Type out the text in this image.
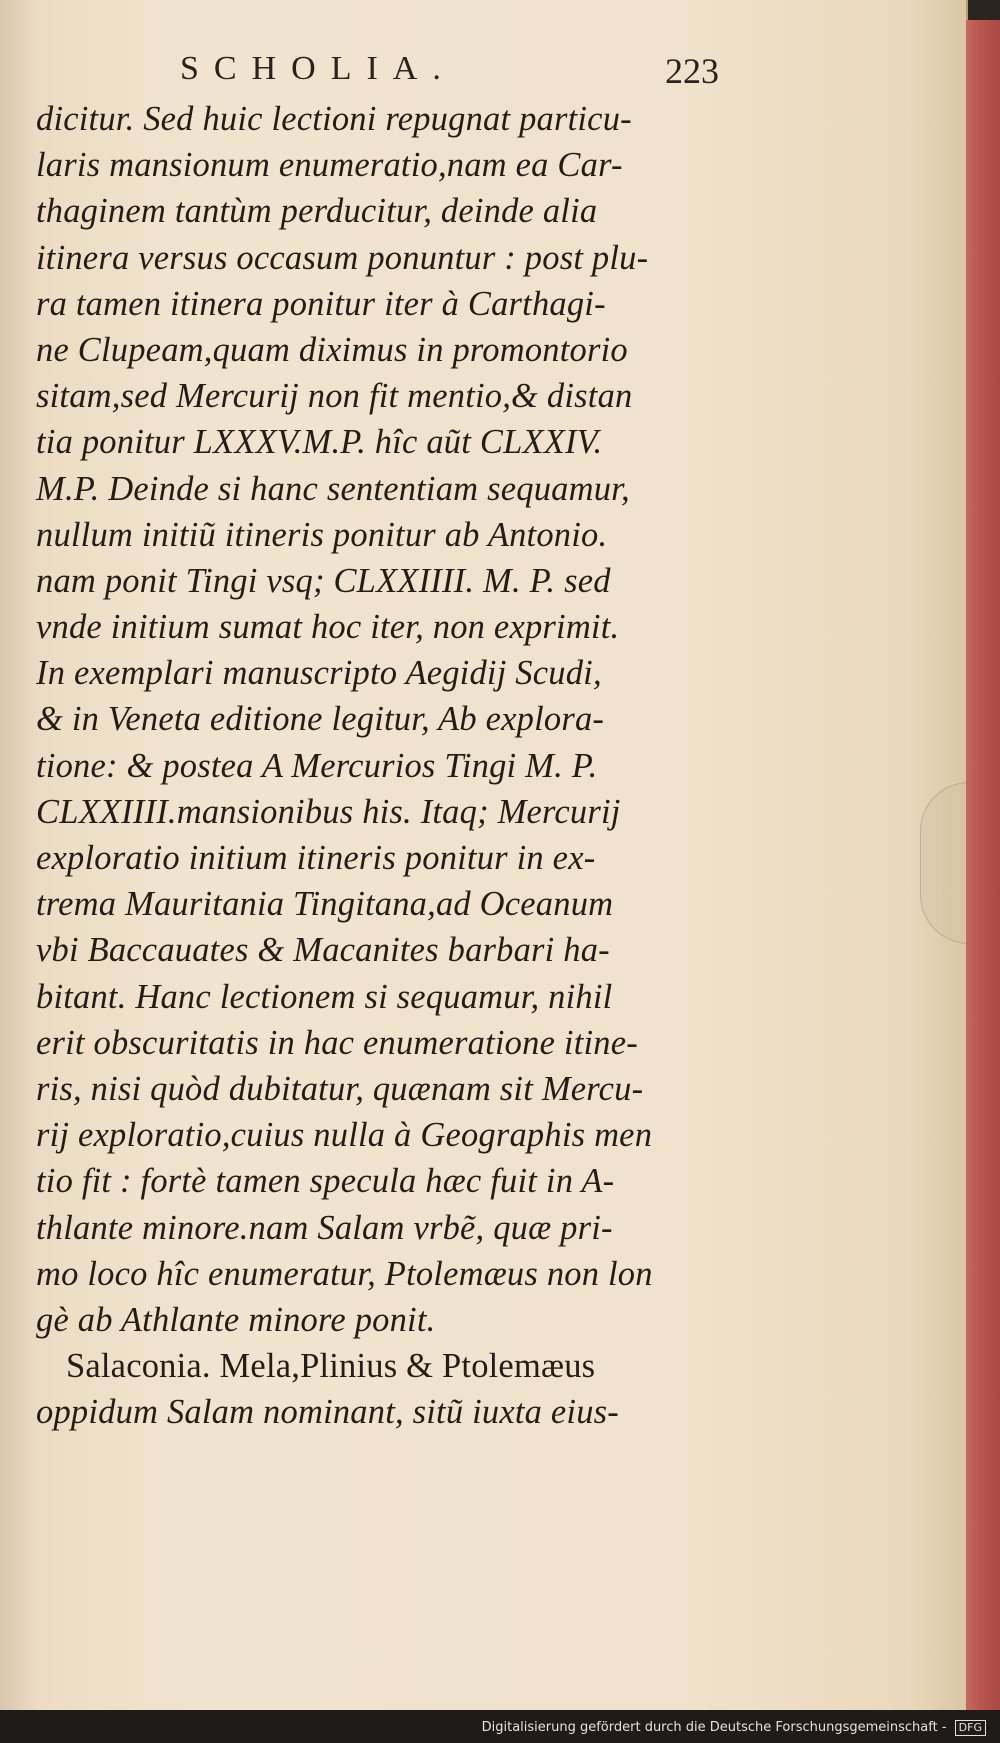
SCHOLIA.	223
dicitur. Sed huic lectioni repugnat particu-
laris mansionum enumeratio,nam ea Car-
thaginem tantùm perducitur, deinde alia
itinera versus occasum ponuntur : post plu-
ra tamen itinera ponitur iter à Carthagi-
ne Clupeam,quam diximus in promontorio
sitam,sed Mercurij non fit mentio,& distan
tia ponitur LXXXV.M.P. hîc aũt CLXXIV.
M.P. Deinde si hanc sententiam sequamur,
nullum initiũ itineris ponitur ab Antonio.
nam ponit Tingi vsq; CLXXIIII. M. P. sed
vnde initium sumat hoc iter, non exprimit.
In exemplari manuscripto Aegidij Scudi,
& in Veneta editione legitur, Ab explora-
tione: & postea A Mercurios Tingi M. P.
CLXXIIII.mansionibus his. Itaq; Mercurij
exploratio initium itineris ponitur in ex-
trema Mauritania Tingitana,ad Oceanum
vbi Baccauates & Macanites barbari ha-
bitant. Hanc lectionem si sequamur, nihil
erit obscuritatis in hac enumeratione itine-
ris, nisi quòd dubitatur, quænam sit Mercu-
rij exploratio,cuius nulla à Geographis men
tio fit : fortè tamen specula hæc fuit in A-
thlante minore.nam Salam vrbẽ, quæ pri-
mo loco hîc enumeratur, Ptolemæus non lon
gè ab Athlante minore ponit.
Salaconia. Mela,Plinius & Ptolemæus
oppidum Salam nominant, sitũ iuxta eius-
Digitalisierung gefördert durch die Deutsche Forschungsgemeinschaft - DFG
